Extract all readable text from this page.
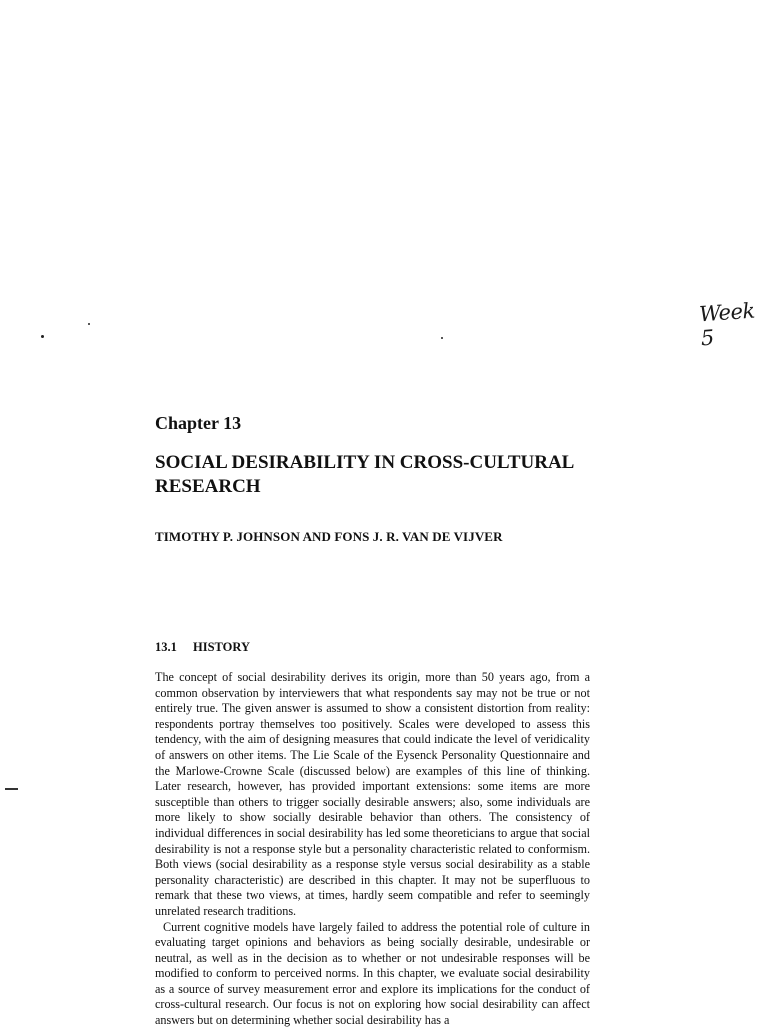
Week 5
Chapter 13
SOCIAL DESIRABILITY IN CROSS-CULTURAL RESEARCH
TIMOTHY P. JOHNSON AND FONS J. R. VAN DE VIJVER
13.1 HISTORY

The concept of social desirability derives its origin, more than 50 years ago, from a common observation by interviewers that what respondents say may not be true or not entirely true. The given answer is assumed to show a consistent distortion from reality: respondents portray themselves too positively. Scales were developed to assess this tendency, with the aim of designing measures that could indicate the level of veridicality of answers on other items. The Lie Scale of the Eysenck Personality Questionnaire and the Marlowe-Crowne Scale (discussed below) are examples of this line of thinking. Later research, however, has provided important extensions: some items are more susceptible than others to trigger socially desirable answers; also, some individuals are more likely to show socially desirable behavior than others. The consistency of individual differences in social desirability has led some theoreticians to argue that social desirability is not a response style but a personality characteristic related to conformism. Both views (social desirability as a response style versus social desirability as a stable personality characteristic) are described in this chapter. It may not be superfluous to remark that these two views, at times, hardly seem compatible and refer to seemingly unrelated research traditions.

Current cognitive models have largely failed to address the potential role of culture in evaluating target opinions and behaviors as being socially desirable, undesirable or neutral, as well as in the decision as to whether or not undesirable responses will be modified to conform to perceived norms. In this chapter, we evaluate social desirability as a source of survey measurement error and explore its implications for the conduct of cross-cultural research. Our focus is not on exploring how social desirability can affect answers but on determining whether social desirability has a
